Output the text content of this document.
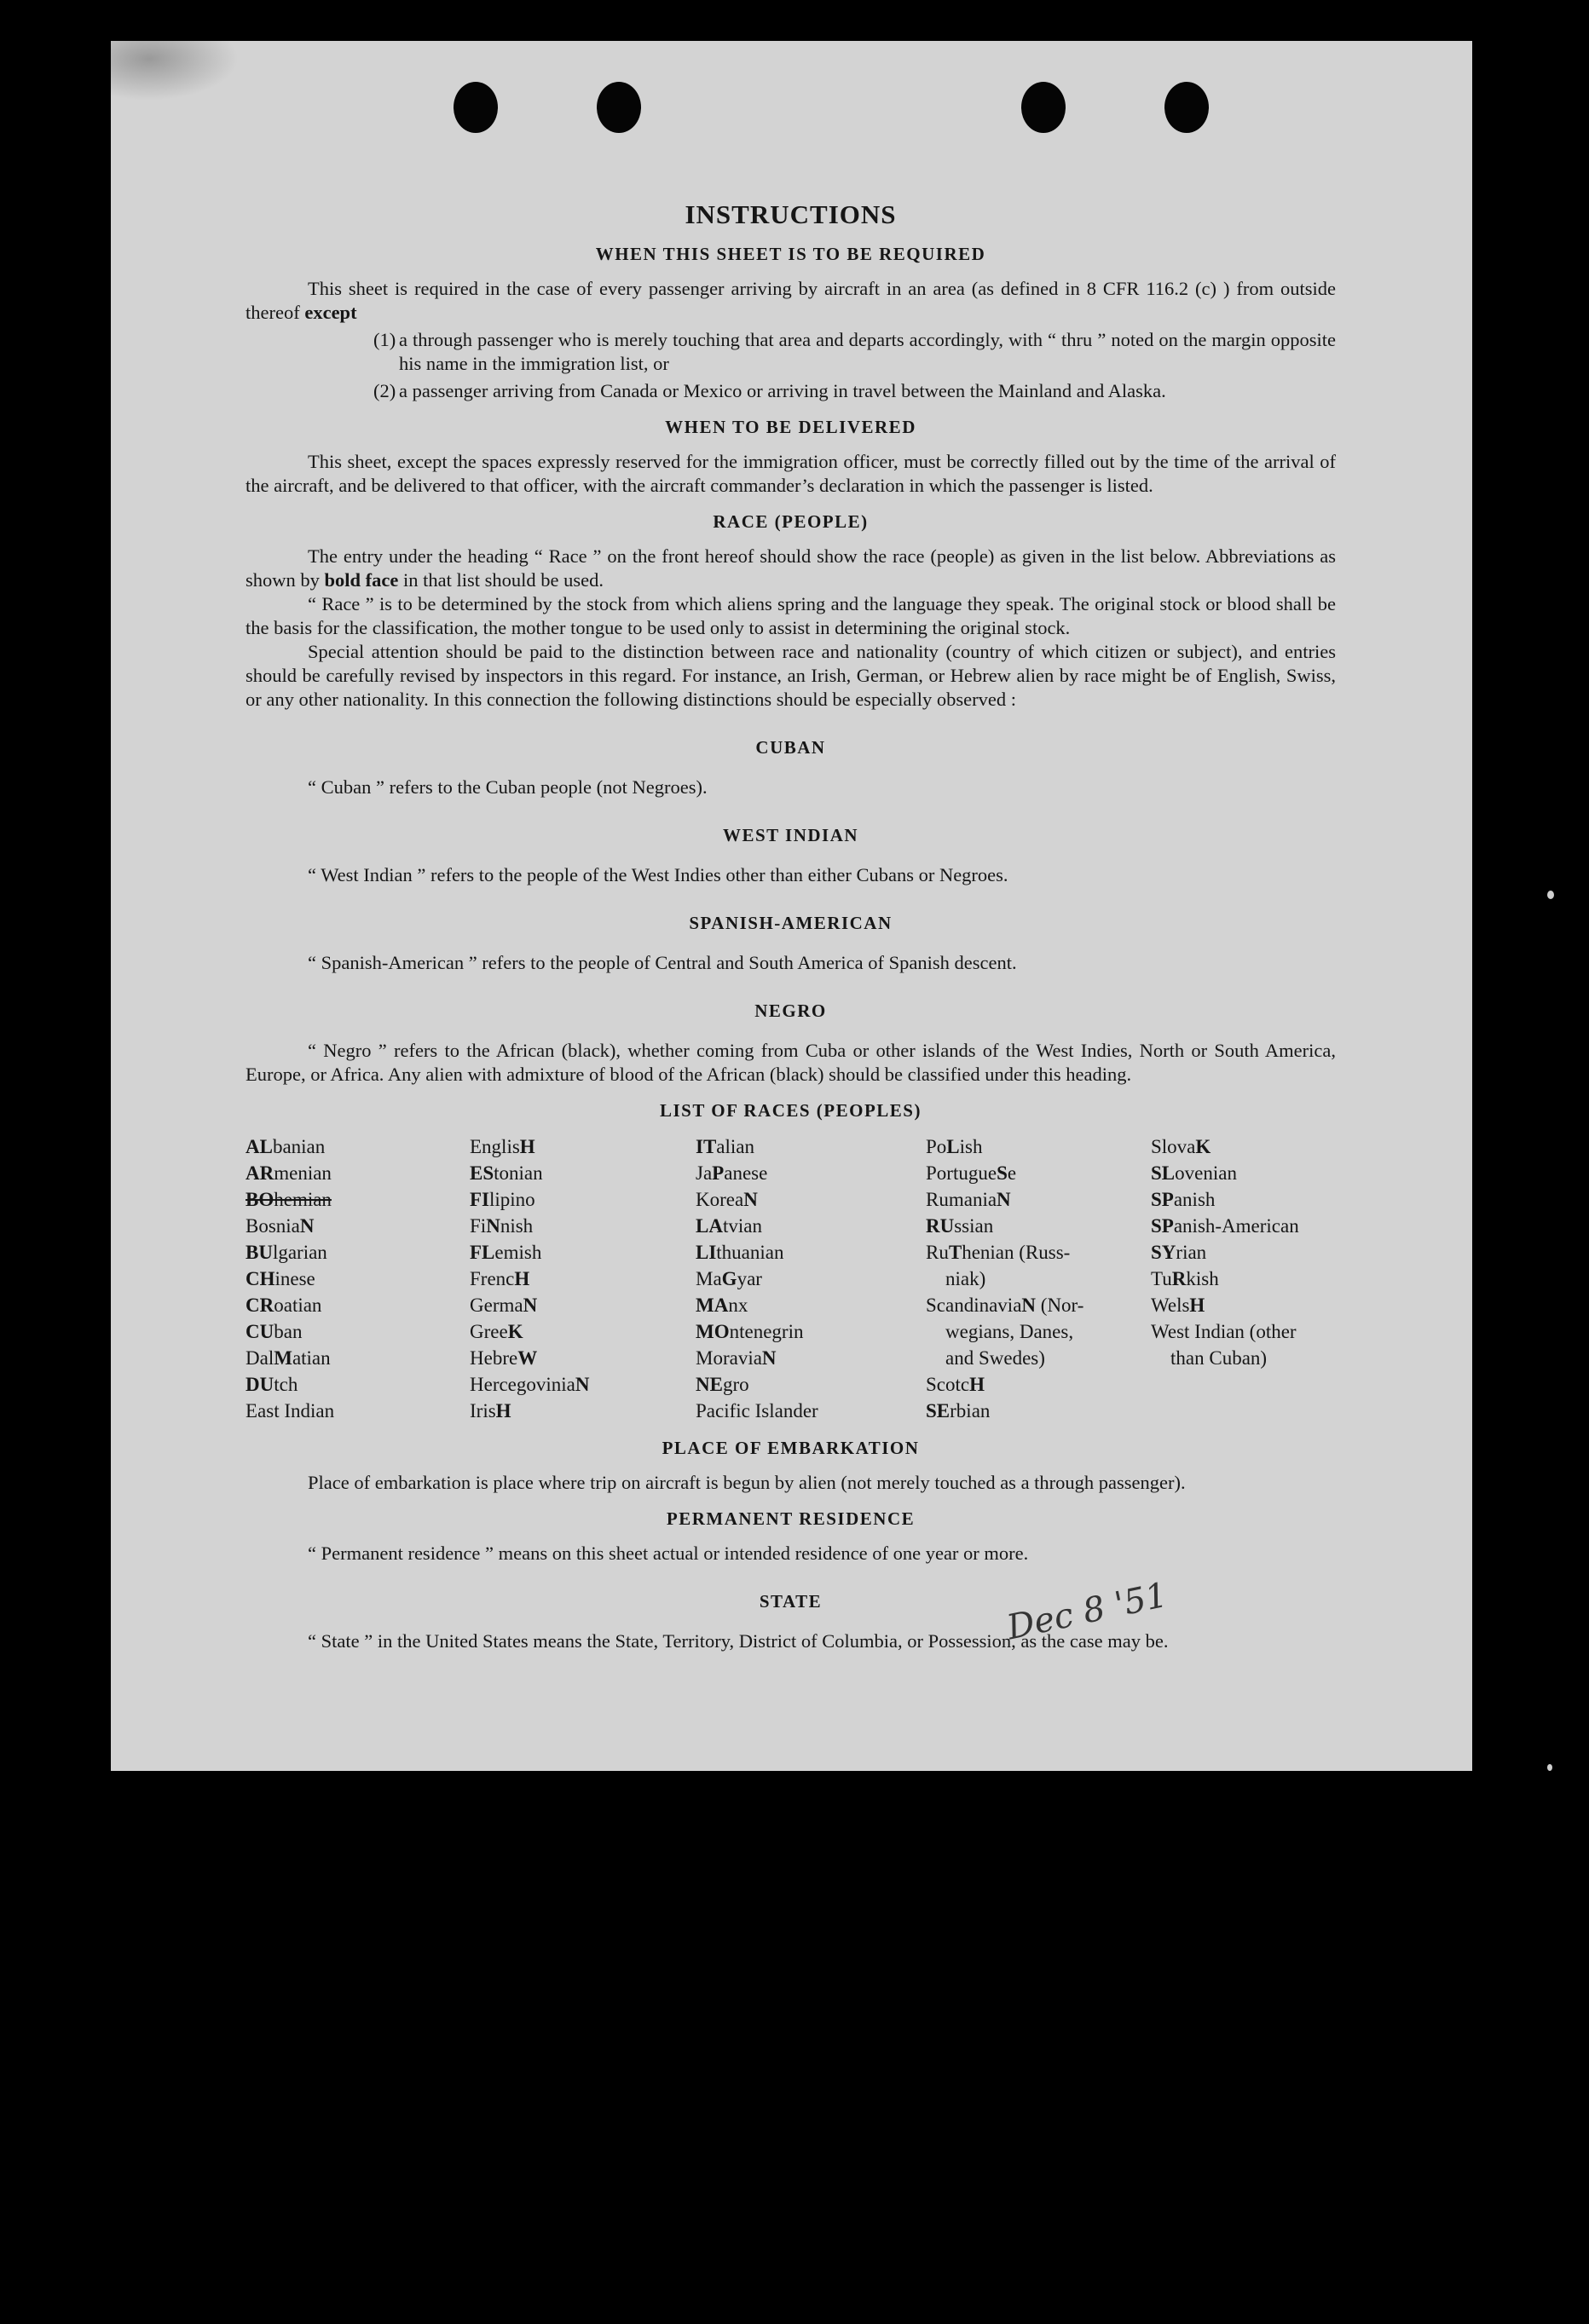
INSTRUCTIONS
WHEN THIS SHEET IS TO BE REQUIRED

This sheet is required in the case of every passenger arriving by aircraft in an area (as defined in 8 CFR 116.2 (c) ) from outside thereof except

(1) a through passenger who is merely touching that area and departs accordingly, with “ thru ” noted on the margin opposite his name in the immigration list, or
(2) a passenger arriving from Canada or Mexico or arriving in travel between the Mainland and Alaska.
WHEN TO BE DELIVERED

This sheet, except the spaces expressly reserved for the immigration officer, must be correctly filled out by the time of the arrival of the aircraft, and be delivered to that officer, with the aircraft commander’s declaration in which the passenger is listed.

RACE (PEOPLE)

The entry under the heading “ Race ” on the front hereof should show the race (people) as given in the list below. Abbreviations as shown by bold face in that list should be used.

“ Race ” is to be determined by the stock from which aliens spring and the language they speak. The original stock or blood shall be the basis for the classification, the mother tongue to be used only to assist in determining the original stock.

Special attention should be paid to the distinction between race and nationality (country of which citizen or subject), and entries should be carefully revised by inspectors in this regard. For instance, an Irish, German, or Hebrew alien by race might be of English, Swiss, or any other nationality. In this connection the following distinctions should be especially observed :

CUBAN
“ Cuban ” refers to the Cuban people (not Negroes).
WEST INDIAN
“ West Indian ” refers to the people of the West Indies other than either Cubans or Negroes.
SPANISH-AMERICAN
“ Spanish-American ” refers to the people of Central and South America of Spanish descent.
NEGRO

“ Negro ” refers to the African (black), whether coming from Cuba or other islands of the West Indies, North or South America, Europe, or Africa. Any alien with admixture of blood of the African (black) should be classified under this heading.

LIST OF RACES (PEOPLES)
ALbanian
ARmenian
BOhemian
BosniaN
BUlgarian
CHinese
CRoatian
CUban
DalMatian
DUtch
East Indian
EnglisH
EStonian
FIlipino
FiNnish
FLemish
FrencH
GermaN
GreeK
HebreW
HercegoviniaN
IrisH
ITalian
JaPanese
KoreaN
LAtvian
LIthuanian
MaGyar
MAnx
MOntenegrin
MoraviaN
NEgro
Pacific Islander
PoLish
PortugueSe
RumaniaN
RUssian
RuThenian (Russ-
niak)
ScandinaviaN (Nor-
wegians, Danes,
and Swedes)
ScotcH
SErbian
SlovaK
SLovenian
SPanish
SPanish-American
SYrian
TuRkish
WelsH
West Indian (other
than Cuban)
PLACE OF EMBARKATION

Place of embarkation is place where trip on aircraft is begun by alien (not merely touched as a through passenger).

PERMANENT RESIDENCE
“ Permanent residence ” means on this sheet actual or intended residence of one year or more.
STATE

“ State ” in the United States means the State, Territory, District of Columbia, or Possession, as the case may be.

Dec 8 '51
